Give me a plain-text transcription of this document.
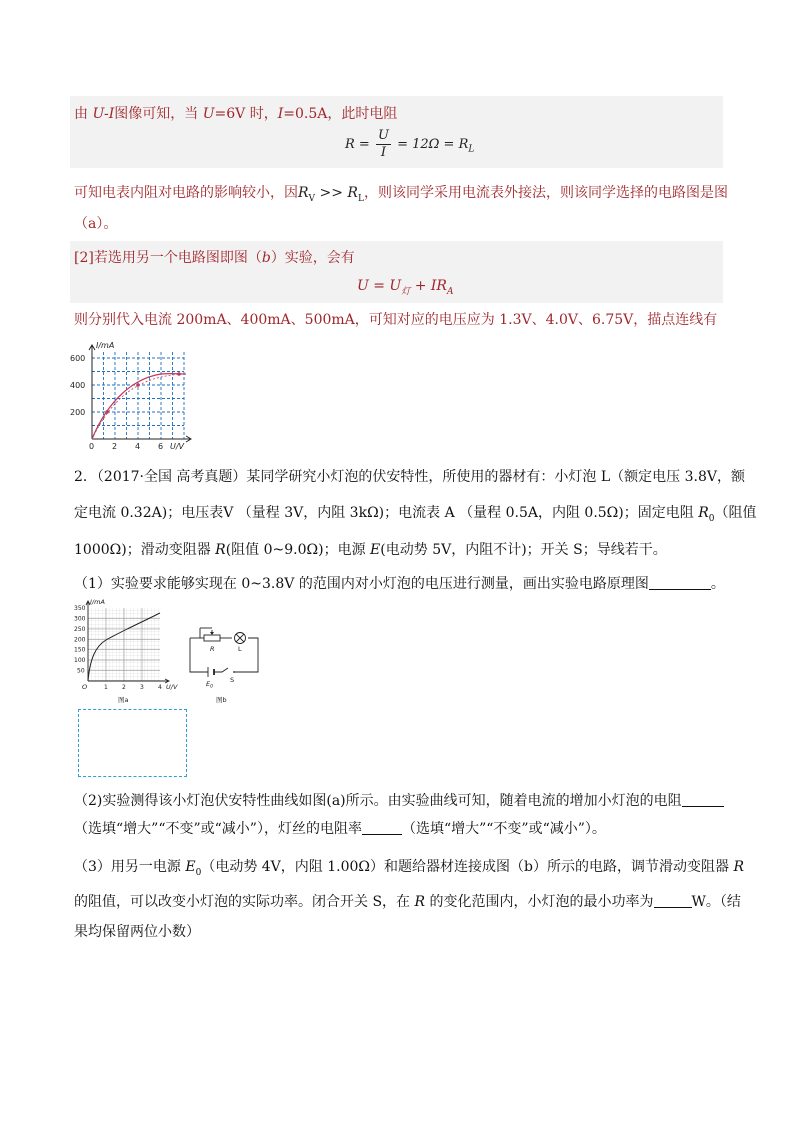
由 U-I图像可知，当 U=6V 时，I=0.5A，此时电阻
$R = \frac{U}{I} = 12\Omega = R_L$
可知电表内阻对电路的影响较小，因$R_V >> R_L$，则该同学采用电流表外接法，则该同学选择的电路图是图
（a）。
[2]若选用另一个电路图即图（b）实验，会有
$U = U_灯 + IR_A$
则分别代入电流 200mA、400mA、500mA，可知对应的电压应为 1.3V、4.0V、6.75V，描点连线有
I/mA
600
400
200
0 2 4 6 U/V
2．（2017·全国 高考真题）某同学研究小灯泡的伏安特性，所使用的器材有：小灯泡 L（额定电压 3.8V，额
定电流 0.32A)；电压表V （量程 3V，内阻 3kΩ)；电流表 A （量程 0.5A，内阻 0.5Ω)；固定电阻 $R_0$（阻值
1000Ω)；滑动变阻器 R(阻值 0~9.0Ω)；电源 E(电动势 5V，内阻不计)；开关 S；导线若干。
（1）实验要求能够实现在 0~3.8V 的范围内对小灯泡的电压进行测量，画出实验电路原理图	。
I/mA
350
300
250
200
150
100
50
O	1 2 3 4 U/V
图a
R	L
$E_0$
S
图b
（2)实验测得该小灯泡伏安特性曲线如图(a)所示。由实验曲线可知，随着电流的增加小灯泡的电阻
（选填“增大”“不变”或“减小”），灯丝的电阻率	（选填“增大”“不变”或“减小”）。
（3）用另一电源 $E_0$（电动势 4V，内阻 1.00Ω）和题给器材连接成图（b）所示的电路，调节滑动变阻器 R
的阻值，可以改变小灯泡的实际功率。闭合开关 S，在 R 的变化范围内，小灯泡的最小功率为	W。（结
果均保留两位小数）
